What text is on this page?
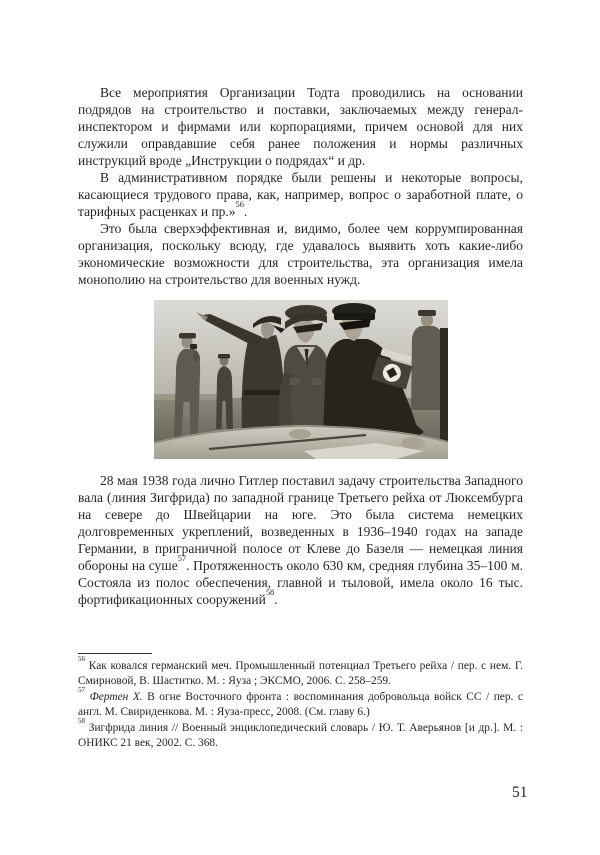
Все мероприятия Организации Тодта проводились на основании подрядов на строительство и поставки, заключаемых между генерал-инспектором и фирмами или корпорациями, причем основой для них служили оправдавшие себя ранее положения и нормы различных инструкций вроде „Инструкции о подрядах“ и др.

В административном порядке были решены и некоторые вопросы, касающиеся трудового права, как, например, вопрос о заработной плате, о тарифных расценках и пр.»$^{56}$.

Это была сверхэффективная и, видимо, более чем коррумпированная организация, поскольку всюду, где удавалось выявить хоть какие-либо экономические возможности для строительства, эта организация имела монополию на строительство для военных нужд.

28 мая 1938 года лично Гитлер поставил задачу строительства Западного вала (линия Зигфрида) по западной границе Третьего рейха от Люксембурга на севере до Швейцарии на юге. Это была система немецких долговременных укреплений, возведенных в 1936–1940 годах на западе Германии, в приграничной полосе от Клеве до Базеля — немецкая линия обороны на суше$^{57}$. Протяженность около 630 км, средняя глубина 35–100 м. Состояла из полос обеспечения, главной и тыловой, имела около 16 тыс. фортификационных сооружений$^{58}$.

$^{56}$ Как ковался германский меч. Промышленный потенциал Третьего рейха / пер. с нем. Г. Смирновой, В. Шаститко. М. : Яуза ; ЭКСМО, 2006. С. 258–259.

$^{57}$ Фертен Х. В огне Восточного фронта : воспоминания добровольца войск СС / пер. с англ. М. Свириденкова. М. : Яуза-пресс, 2008. (См. главу 6.)

$^{58}$ Зигфрида линия // Военный энциклопедический словарь / Ю. Т. Аверьянов [и др.]. М. : ОНИКС 21 век, 2002. С. 368.

51
